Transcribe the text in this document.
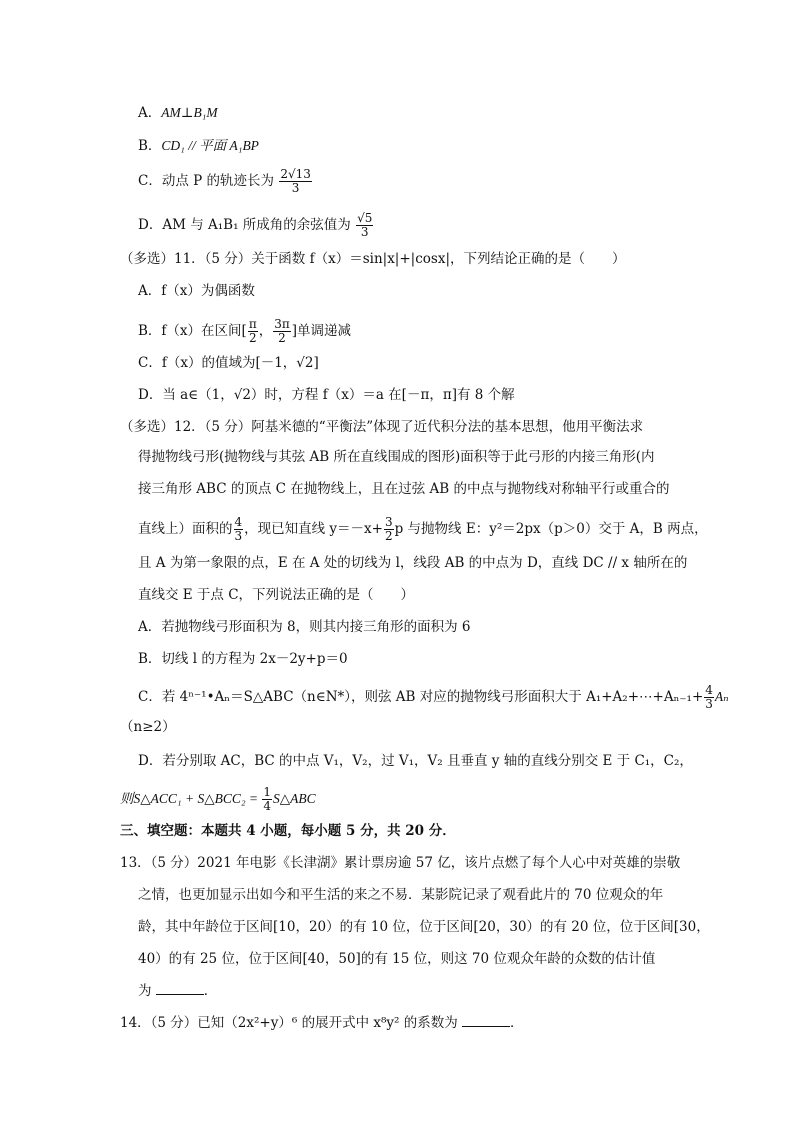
A．AM⊥B₁M
B．CD₁ // 平面 A₁BP
C．动点 P 的轨迹长为 $\frac{2√13}{3}$
D．AM 与 A₁B₁ 所成角的余弦值为 $\frac{√5}{3}$
（多选）11．（5 分）关于函数 f（x）＝sin|x|+|cosx|，下列结论正确的是（　　）
A．f（x）为偶函数
B．f（x）在区间[ $\frac{\pi}{2}$ ， $\frac{3\pi}{2}$ ]单调递减
C．f（x）的值域为[－1，√2]
D．当 a∈（1，√2）时，方程 f（x）＝a 在[－π，π]有 8 个解
（多选）12．（5 分）阿基米德的“平衡法”体现了近代积分法的基本思想，他用平衡法求
得抛物线弓形(抛物线与其弦 AB 所在直线围成的图形)面积等于此弓形的内接三角形(内
接三角形 ABC 的顶点 C 在抛物线上，且在过弦 AB 的中点与抛物线对称轴平行或重合的
直线上）面积的 $\frac{4}{3}$ ，现已知直线 $y=-x+ \frac{3}{2}$ p 与抛物线 E：y²＝2px（p＞0）交于 A，B 两点，
且 A 为第一象限的点，E 在 A 处的切线为 l，线段 AB 的中点为 D，直线 DC // x 轴所在的
直线交 E 于点 C，下列说法正确的是（　　）
A．若抛物线弓形面积为 8，则其内接三角形的面积为 6
B．切线 l 的方程为 2x－2y+p＝0
C．若 4ⁿ⁻¹•Aₙ＝S△ABC（n∈N*），则弦 AB 对应的抛物线弓形面积大于 A₁+A₂+⋯+Aₙ₋₁+ $\frac{4}{3}$ Aₙ
（n≥2）
D．若分别取 AC，BC 的中点 V₁，V₂，过 V₁，V₂ 且垂直 y 轴的直线分别交 E 于 C₁，C₂，
则S△ACC₁ + S△BCC₂ = $\frac{1}{4}$ S△ABC
三、填空题：本题共 4 小题，每小题 5 分，共 20 分．
13．（5 分）2021 年电影《长津湖》累计票房逾 57 亿，该片点燃了每个人心中对英雄的崇敬
之情，也更加显示出如今和平生活的来之不易．某影院记录了观看此片的 70 位观众的年
龄，其中年龄位于区间[10，20）的有 10 位，位于区间[20，30）的有 20 位，位于区间[30，
40）的有 25 位，位于区间[40，50]的有 15 位，则这 70 位观众年龄的众数的估计值
为	．
14．（5 分）已知（2x²+y）⁶ 的展开式中 x⁸y² 的系数为	．
